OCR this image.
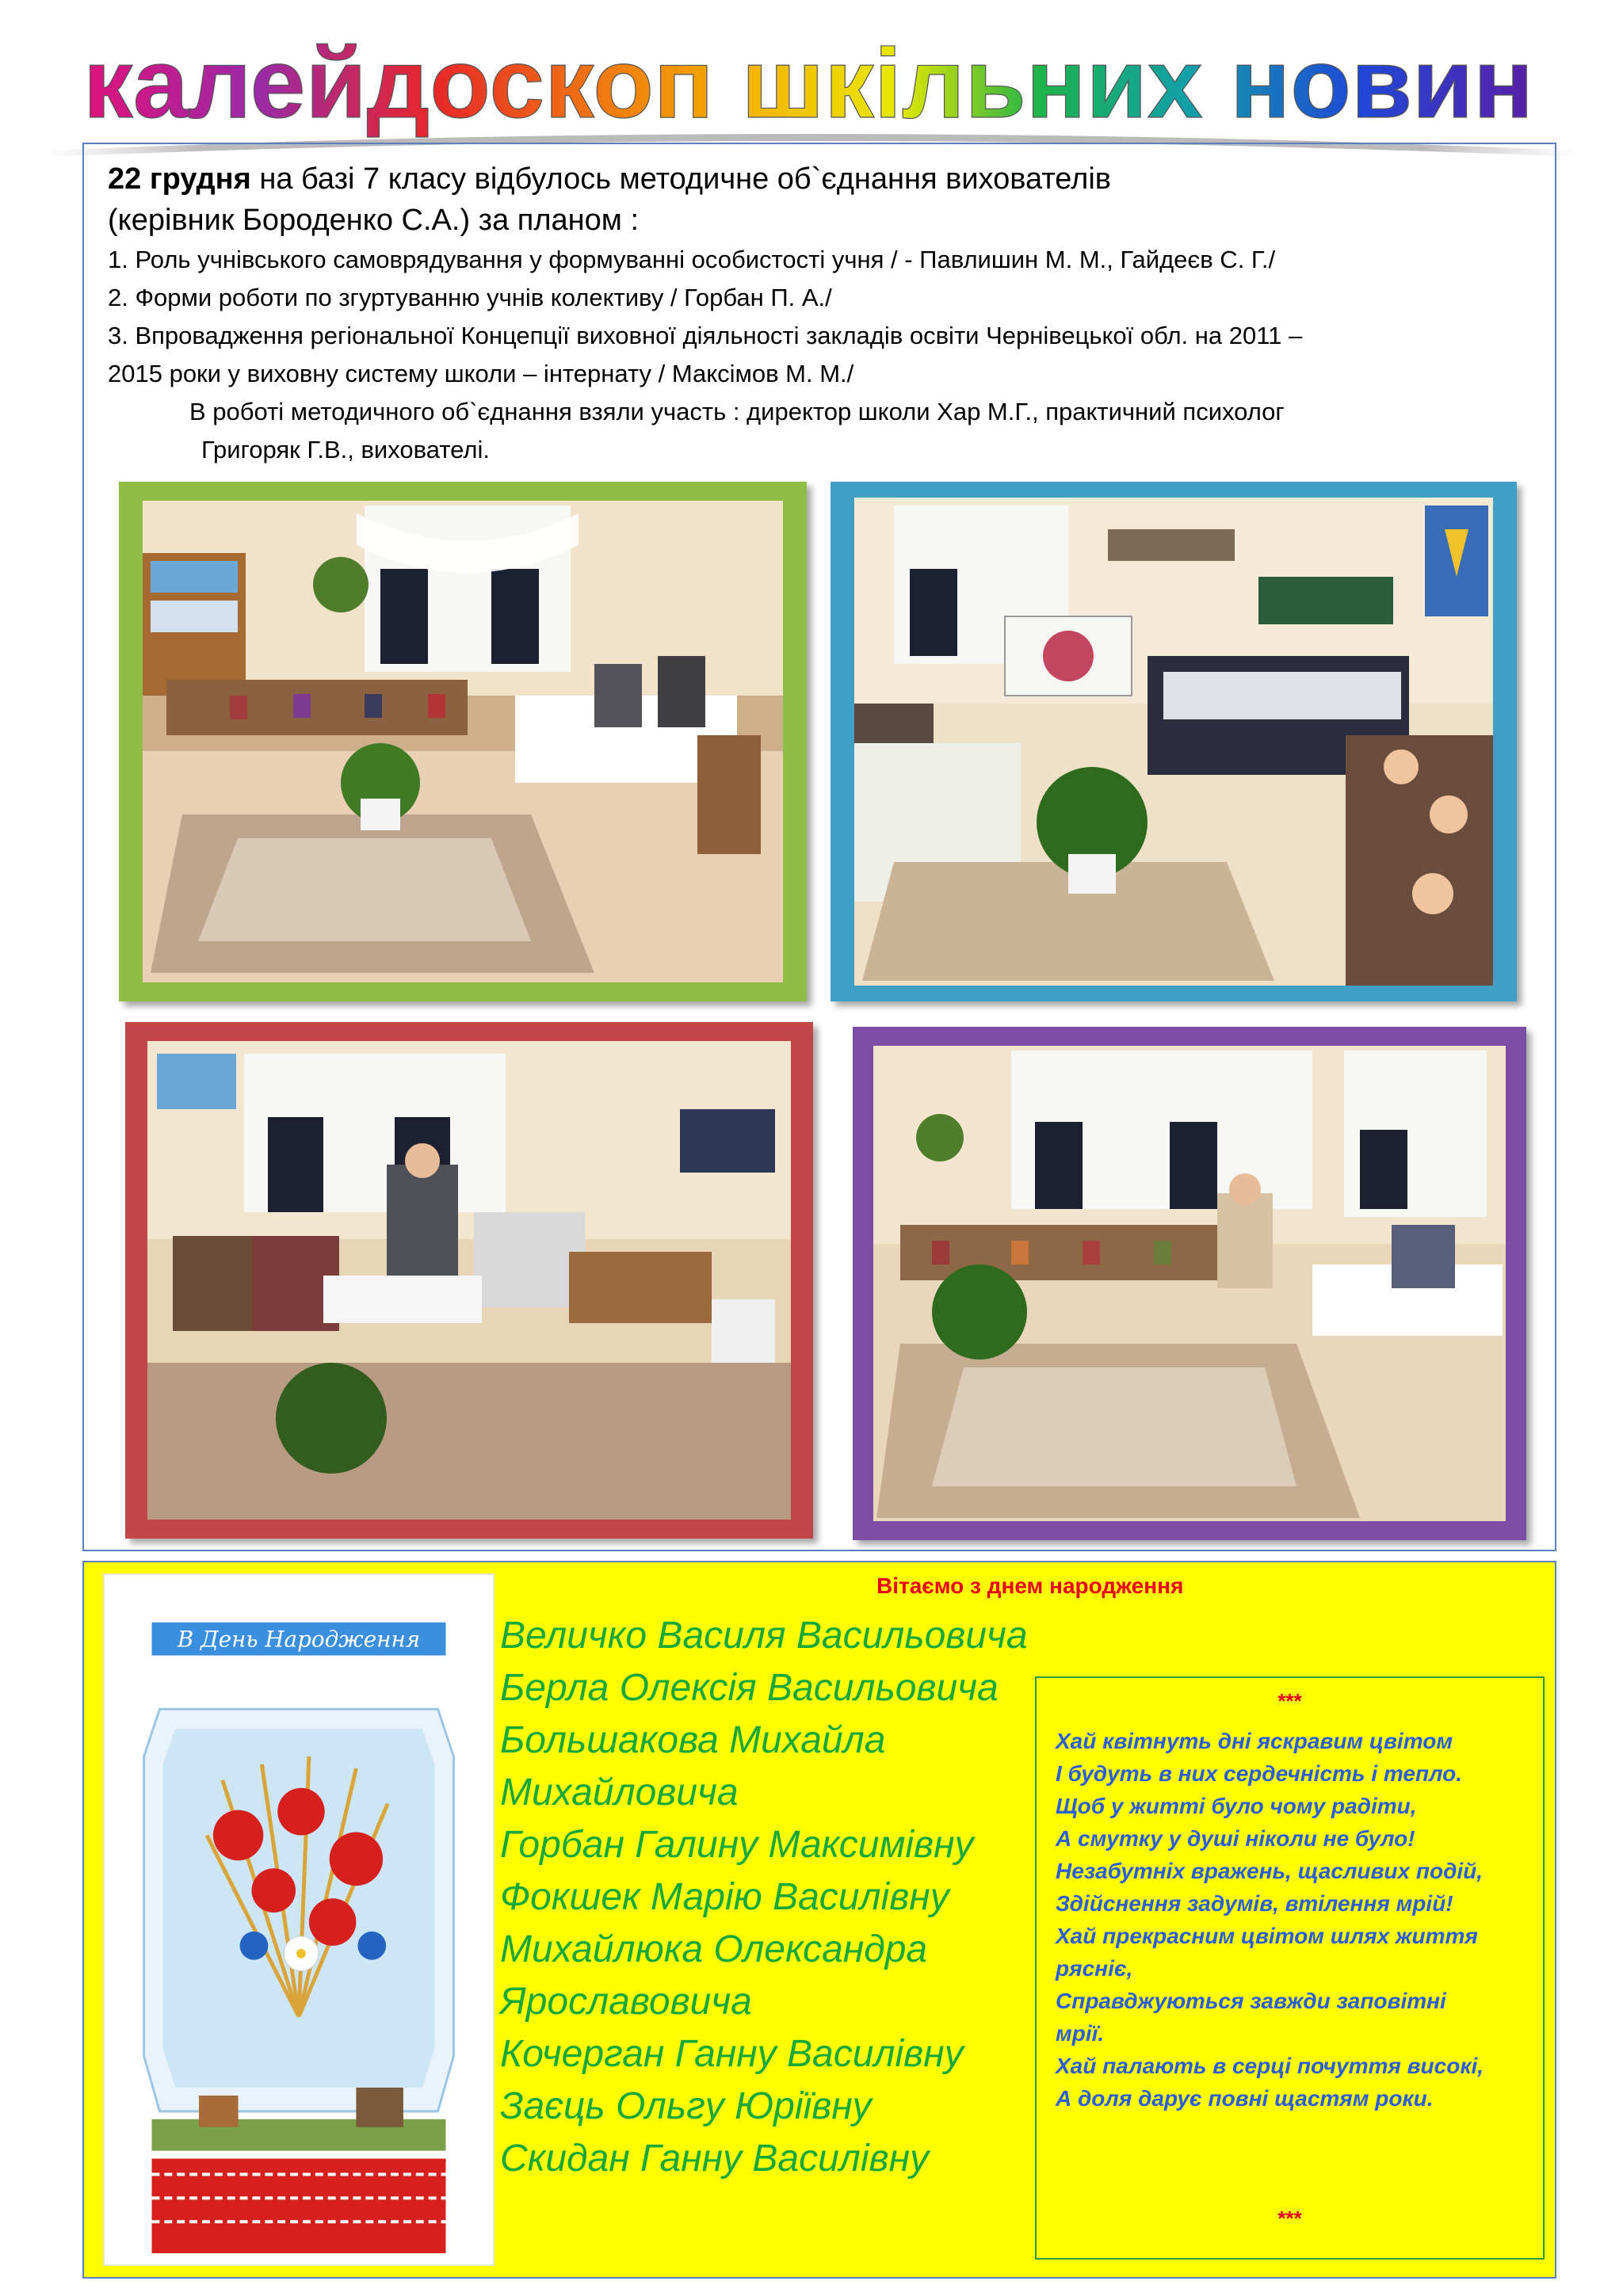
калейдоскоп шкільних новин
22 грудня на базі 7 класу відбулось методичне об`єднання вихователів
(керівник Бороденко С.А.) за планом :
1. Роль учнівського самоврядування у формуванні особистості учня / - Павлишин М. М., Гайдеєв С. Г./
2. Форми роботи по згуртуванню учнів колективу / Горбан П. А./
3. Впровадження регіональної Концепції виховної діяльності закладів освіти Чернівецької обл. на 2011 –
2015 роки у виховну систему школи – інтернату / Максімов М. М./
В роботі методичного об`єднання взяли участь : директор школи Хар М.Г., практичний психолог
Григоряк Г.В., вихователі.
В День Народження
Вітаємо з днем народження
Величко Василя Васильовича
Берла Олексія Васильовича
Большакова Михайла
Михайловича
Горбан Галину Максимівну
Фокшек Марію Василівну
Михайлюка Олександра
Ярославовича
Кочерган Ганну Василівну
Заєць Ольгу Юріївну
Скидан Ганну Василівну
***
Хай квітнуть дні яскравим цвітом
І будуть в них сердечність і тепло.
Щоб у житті було чому радіти,
А смутку у душі ніколи не було!
Незабутніх вражень, щасливих подій,
Здійснення задумів, втілення мрій!
Хай прекрасним цвітом шлях життя
рясніє,
Справджуються завжди заповітні
мрії.
Хай палають в серці почуття високі,
А доля дарує повні щастям роки.
***
